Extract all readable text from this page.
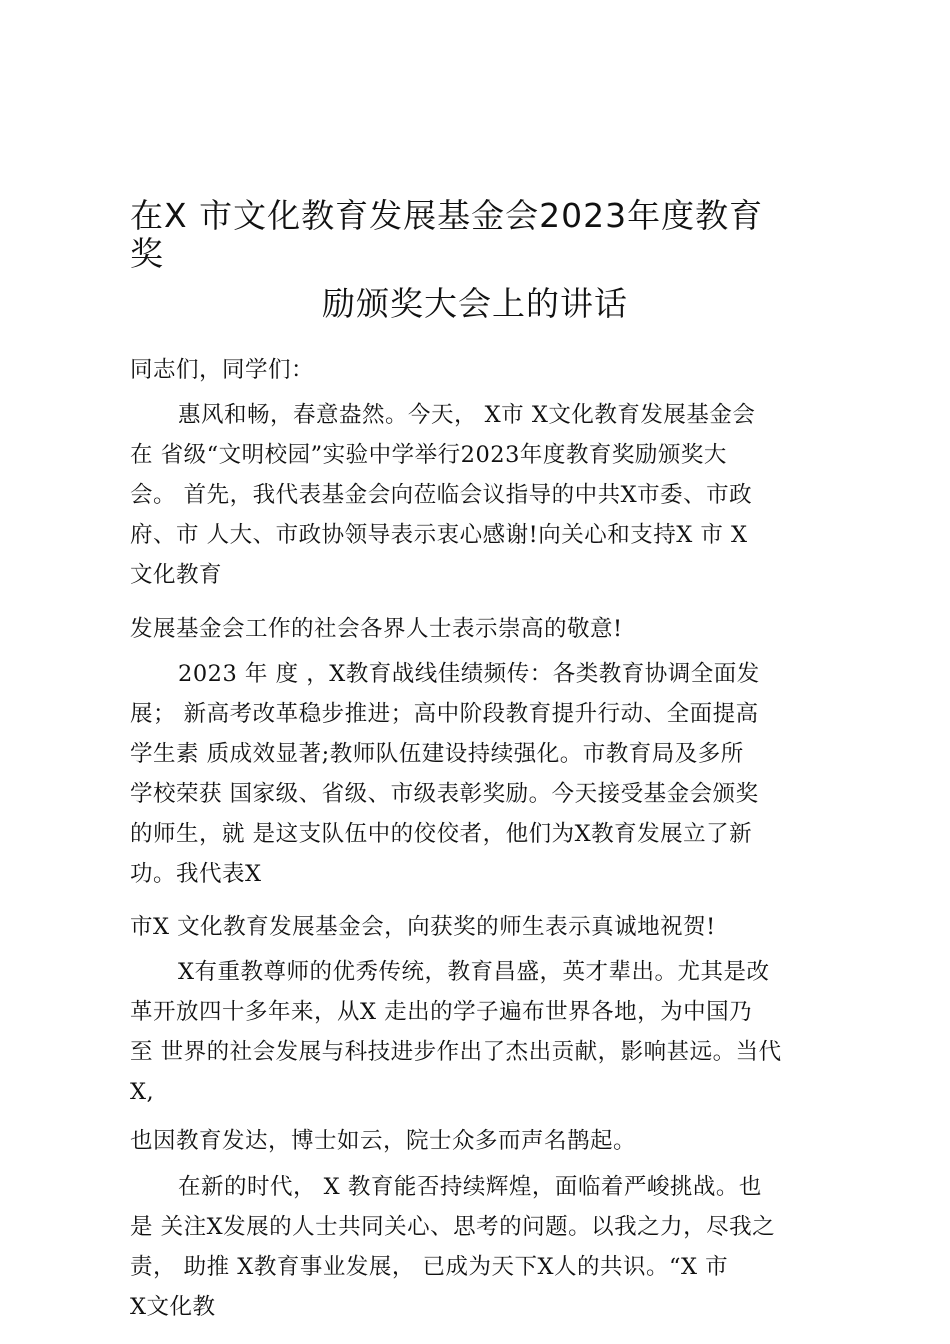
在X 市文化教育发展基金会2023年度教育
奖
励颁奖大会上的讲话
同志们，同学们：
惠风和畅，春意盎然。今天， X市 X文化教育发展基金会
在 省级“文明校园”实验中学举行2023年度教育奖励颁奖大
会。 首先，我代表基金会向莅临会议指导的中共X市委、市政
府、市 人大、市政协领导表示衷心感谢!向关心和支持X 市 X
文化教育
发展基金会工作的社会各界人士表示崇高的敬意!
2023 年 度 ，X教育战线佳绩频传：各类教育协调全面发
展； 新高考改革稳步推进；高中阶段教育提升行动、全面提高
学生素 质成效显著;教师队伍建设持续强化。市教育局及多所
学校荣获 国家级、省级、市级表彰奖励。今天接受基金会颁奖
的师生，就 是这支队伍中的佼佼者，他们为X教育发展立了新
功。我代表X
市X 文化教育发展基金会，向获奖的师生表示真诚地祝贺!
X有重教尊师的优秀传统，教育昌盛，英才辈出。尤其是改
革开放四十多年来，从X 走出的学子遍布世界各地，为中国乃
至 世界的社会发展与科技进步作出了杰出贡献，影响甚远。当代
X,
也因教育发达，博士如云，院士众多而声名鹊起。
在新的时代， X 教育能否持续辉煌，面临着严峻挑战。也
是 关注X发展的人士共同关心、思考的问题。以我之力，尽我之
责， 助推 X教育事业发展， 已成为天下X人的共识。“X 市
X文化教
